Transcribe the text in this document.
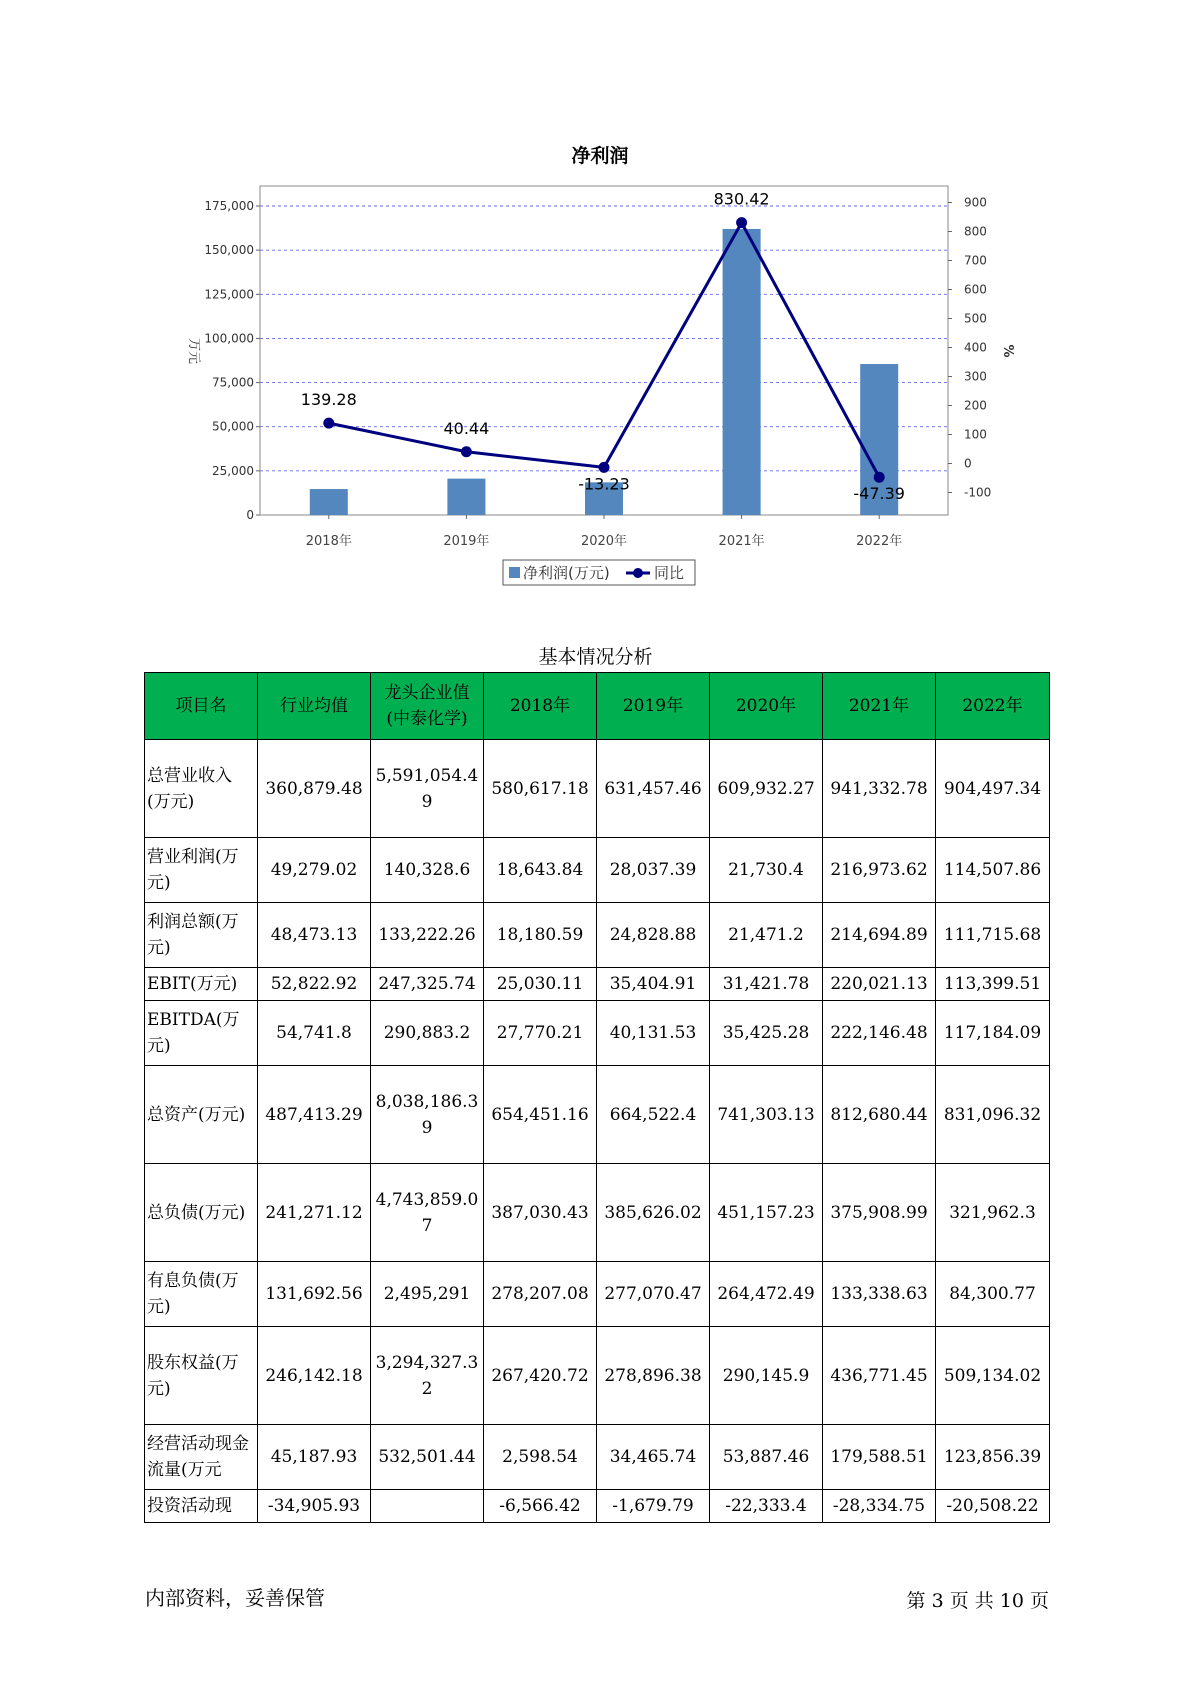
净利润
0
25,000
50,000
75,000
100,000
125,000
150,000
175,000
-100
0
100
200
300
400
500
600
700
800
900
万元	%
2018年	2019年	2020年	2021年	2022年
139.28
40.44
-13.23
830.42
-47.39
净利润(万元)	同比
基本情况分析
项目名	行业均值	龙头企业值(中泰化学)	2018年	2019年	2020年	2021年	2022年
总营业收入(万元)	360,879.48	5,591,054.49	580,617.18	631,457.46	609,932.27	941,332.78	904,497.34
营业利润(万元)	49,279.02	140,328.6	18,643.84	28,037.39	21,730.4	216,973.62	114,507.86
利润总额(万元)	48,473.13	133,222.26	18,180.59	24,828.88	21,471.2	214,694.89	111,715.68
EBIT(万元)	52,822.92	247,325.74	25,030.11	35,404.91	31,421.78	220,021.13	113,399.51
EBITDA(万元)	54,741.8	290,883.2	27,770.21	40,131.53	35,425.28	222,146.48	117,184.09
总资产(万元)	487,413.29	8,038,186.39	654,451.16	664,522.4	741,303.13	812,680.44	831,096.32
总负债(万元)	241,271.12	4,743,859.07	387,030.43	385,626.02	451,157.23	375,908.99	321,962.3
有息负债(万元)	131,692.56	2,495,291	278,207.08	277,070.47	264,472.49	133,338.63	84,300.77
股东权益(万元)	246,142.18	3,294,327.32	267,420.72	278,896.38	290,145.9	436,771.45	509,134.02
经营活动现金流量(万元	45,187.93	532,501.44	2,598.54	34,465.74	53,887.46	179,588.51	123,856.39
投资活动现	-34,905.93		-6,566.42	-1,679.79	-22,333.4	-28,334.75	-20,508.22
内部资料，妥善保管	第 3 页 共 10 页
